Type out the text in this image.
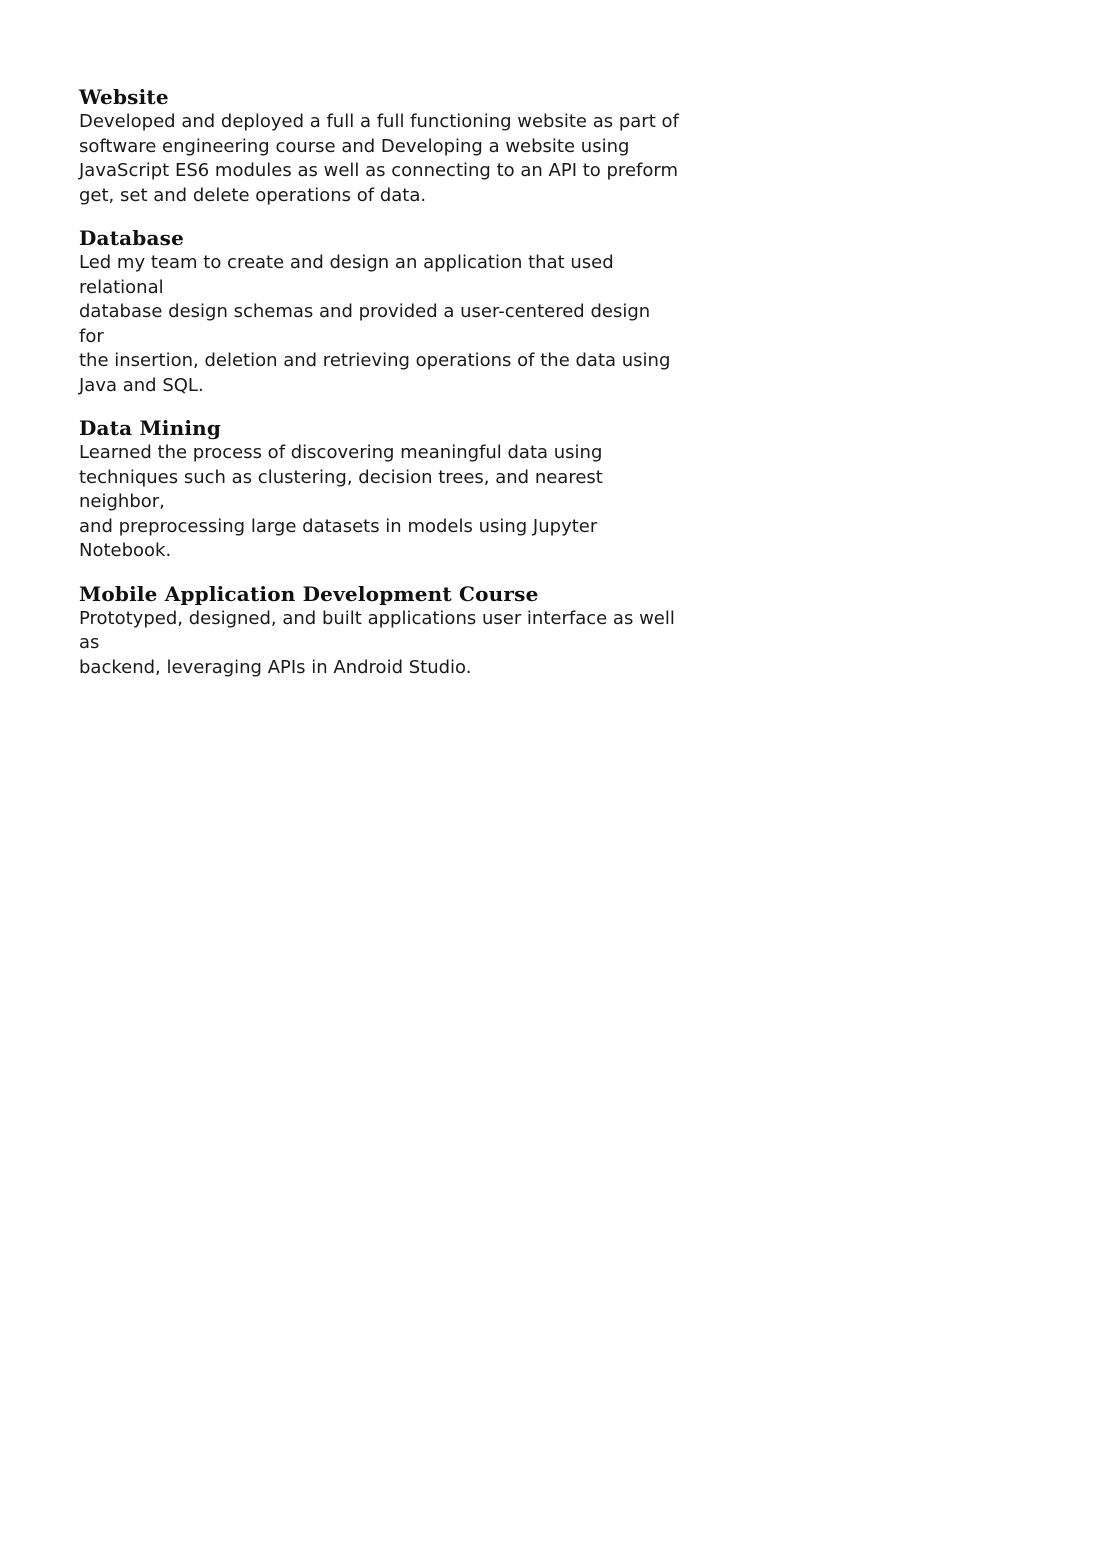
Website

Developed and deployed a full a full functioning website as part of
software engineering course and Developing a website using
JavaScript ES6 modules as well as connecting to an API to preform
get, set and delete operations of data.

Database

Led my team to create and design an application that used relational
database design schemas and provided a user-centered design for
the insertion, deletion and retrieving operations of the data using
Java and SQL.

Data Mining

Learned the process of discovering meaningful data using
techniques such as clustering, decision trees, and nearest neighbor,
and preprocessing large datasets in models using Jupyter Notebook.

Mobile Application Development Course

Prototyped, designed, and built applications user interface as well as
backend, leveraging APIs in Android Studio.
